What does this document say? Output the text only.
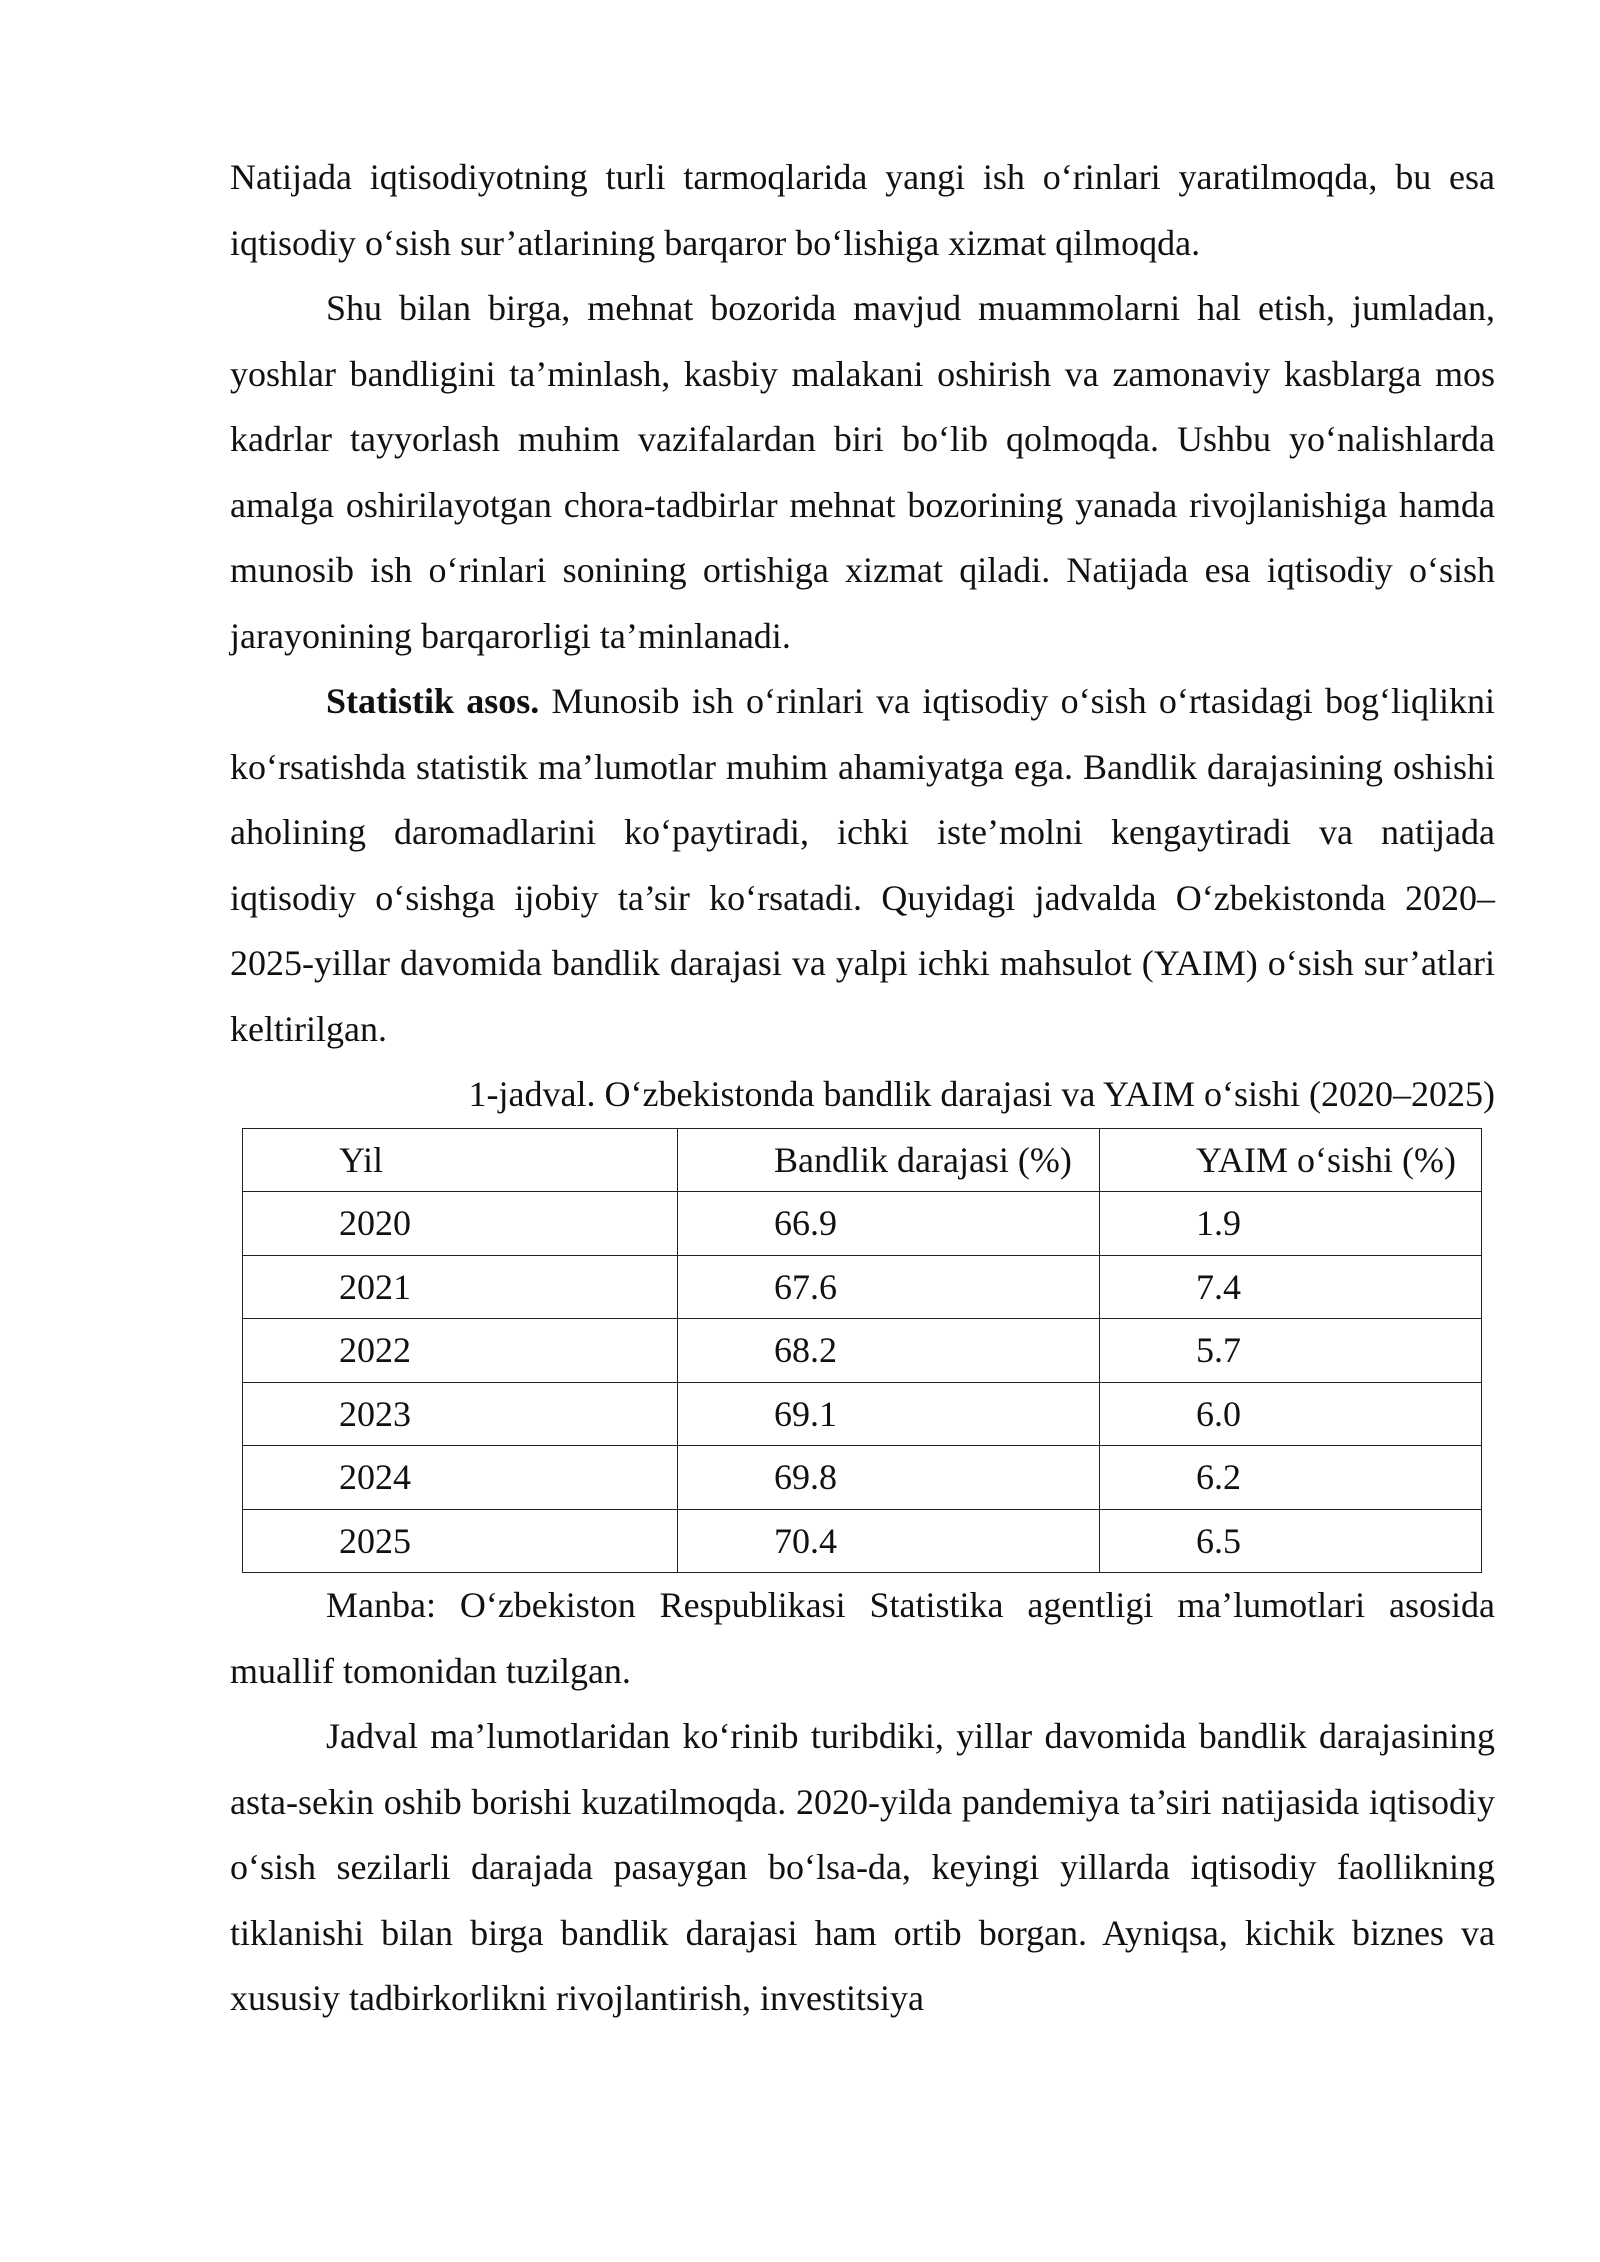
Natijada iqtisodiyotning turli tarmoqlarida yangi ish o‘rinlari yaratilmoqda, bu esa iqtisodiy o‘sish sur’atlarining barqaror bo‘lishiga xizmat qilmoqda.

Shu bilan birga, mehnat bozorida mavjud muammolarni hal etish, jumladan, yoshlar bandligini ta’minlash, kasbiy malakani oshirish va zamonaviy kasblarga mos kadrlar tayyorlash muhim vazifalardan biri bo‘lib qolmoqda. Ushbu yo‘nalishlarda amalga oshirilayotgan chora-tadbirlar mehnat bozorining yanada rivojlanishiga hamda munosib ish o‘rinlari sonining ortishiga xizmat qiladi. Natijada esa iqtisodiy o‘sish jarayonining barqarorligi ta’minlanadi.

Statistik asos. Munosib ish o‘rinlari va iqtisodiy o‘sish o‘rtasidagi bog‘liqlikni ko‘rsatishda statistik ma’lumotlar muhim ahamiyatga ega. Bandlik darajasining oshishi aholining daromadlarini ko‘paytiradi, ichki iste’molni kengaytiradi va natijada iqtisodiy o‘sishga ijobiy ta’sir ko‘rsatadi. Quyidagi jadvalda O‘zbekistonda 2020–2025-yillar davomida bandlik darajasi va yalpi ichki mahsulot (YAIM) o‘sish sur’atlari keltirilgan.

1-jadval. O‘zbekistonda bandlik darajasi va YAIM o‘sishi (2020–2025)

Yil	Bandlik darajasi (%)	YAIM o‘sishi (%)
2020	66.9	1.9
2021	67.6	7.4
2022	68.2	5.7
2023	69.1	6.0
2024	69.8	6.2
2025	70.4	6.5

Manba: O‘zbekiston Respublikasi Statistika agentligi ma’lumotlari asosida muallif tomonidan tuzilgan.

Jadval ma’lumotlaridan ko‘rinib turibdiki, yillar davomida bandlik darajasining asta-sekin oshib borishi kuzatilmoqda. 2020-yilda pandemiya ta’siri natijasida iqtisodiy o‘sish sezilarli darajada pasaygan bo‘lsa-da, keyingi yillarda iqtisodiy faollikning tiklanishi bilan birga bandlik darajasi ham ortib borgan. Ayniqsa, kichik biznes va xususiy tadbirkorlikni rivojlantirish, investitsiya
